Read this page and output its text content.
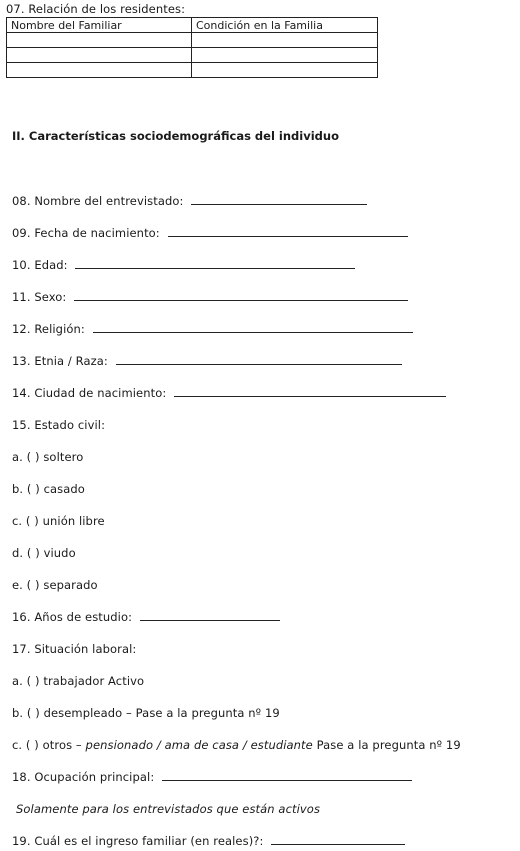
07. Relación de los residentes:
Nombre del Familiar	Condición en la Familia

II. Características sociodemográficas del individuo
08. Nombre del entrevistado:
09. Fecha de nacimiento:
10. Edad:
11. Sexo:
12. Religión:
13. Etnia / Raza:
14. Ciudad de nacimiento:
15. Estado civil:
a. ( ) soltero
b. ( ) casado
c. ( ) unión libre
d. ( ) viudo
e. ( ) separado
16. Años de estudio:
17. Situación laboral:
a. ( ) trabajador Activo
b. ( ) desempleado – Pase a la pregunta nº 19
c. ( ) otros – pensionado / ama de casa / estudiante Pase a la pregunta nº 19
18. Ocupación principal:
Solamente para los entrevistados que están activos
19. Cuál es el ingreso familiar (en reales)?:
